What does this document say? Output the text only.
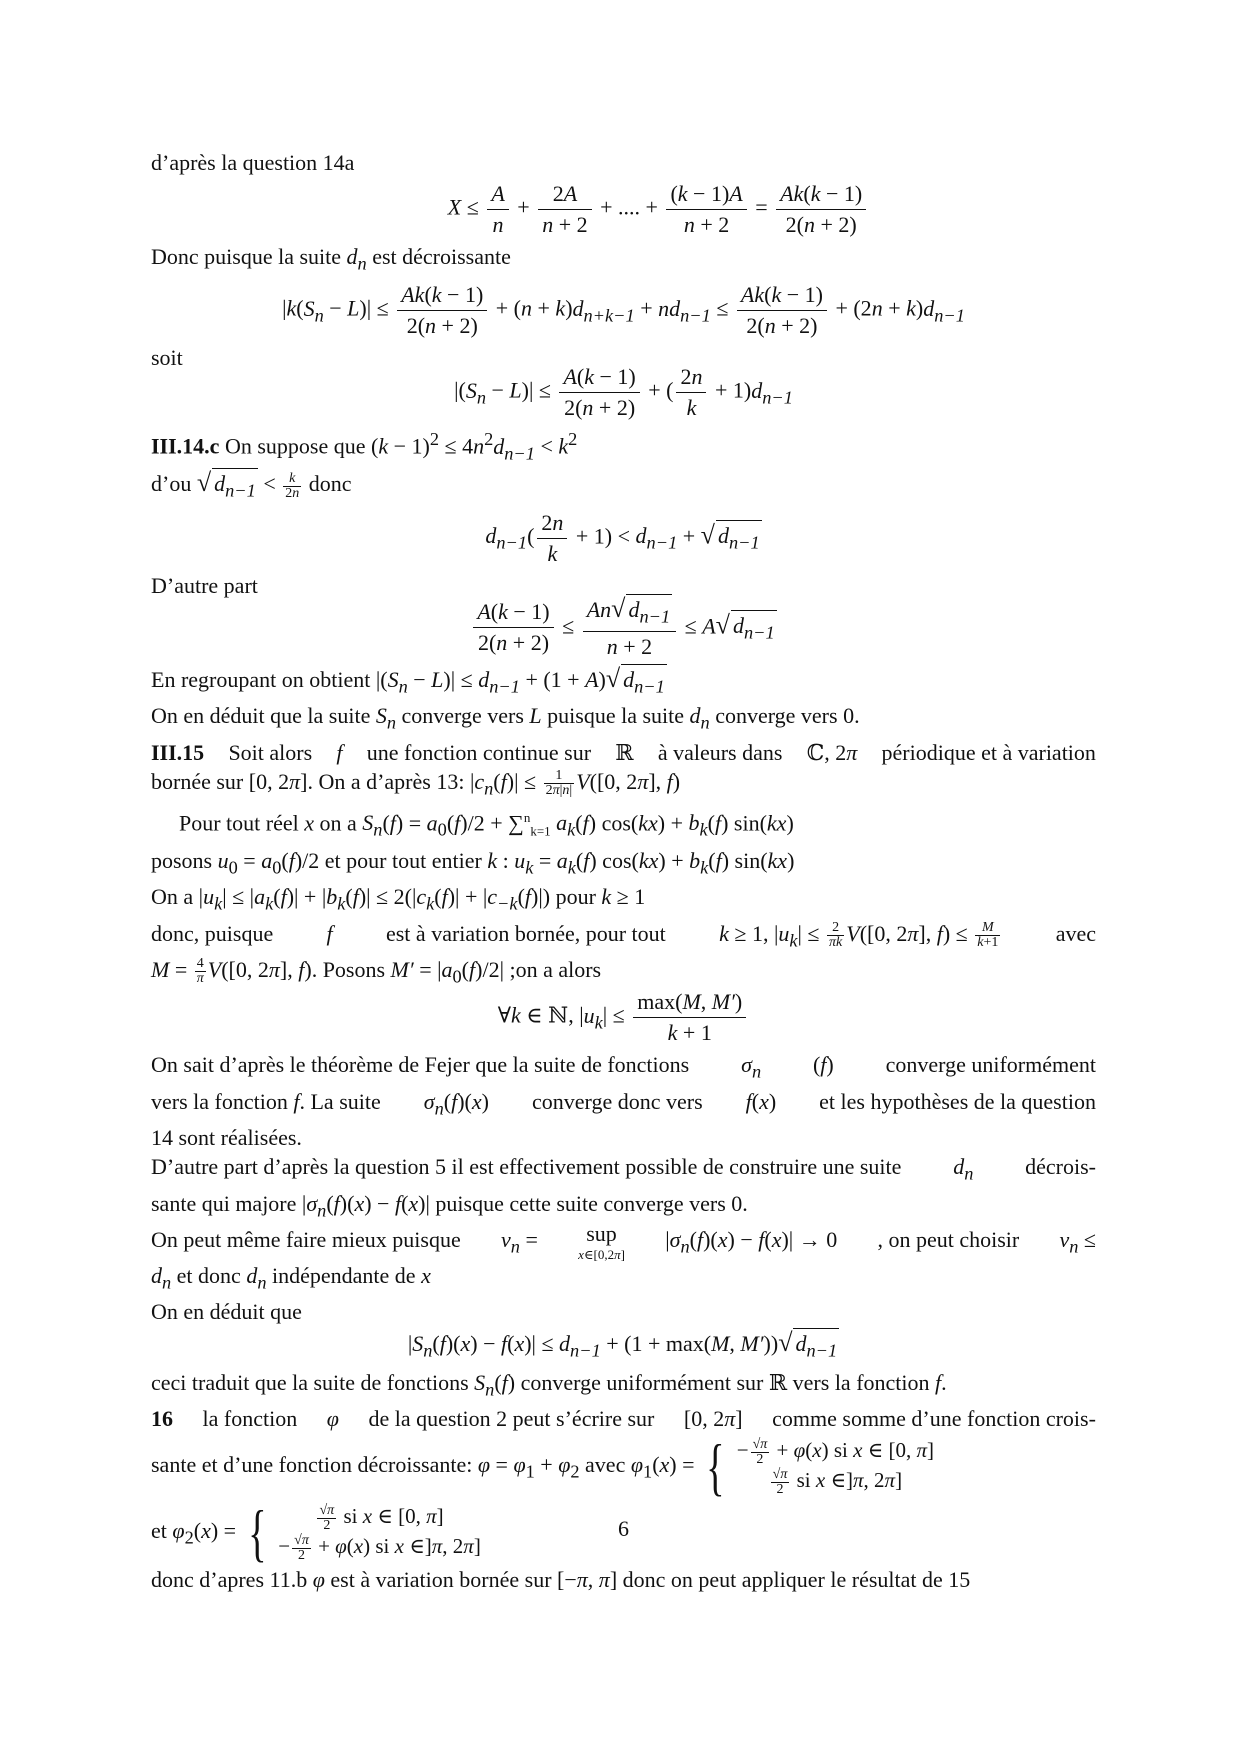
d’après la question 14a
$X \le \frac{A}{n} + \frac{2A}{n + 2}$ + .... + $\frac{(k - 1)A}{n + 2} = \frac{Ak(k - 1)}{2(n + 2)}$
Donc puisque la suite $d_n$ est décroissante
$|k(S_n - L)| \le \frac{Ak(k - 1)}{2(n + 2)} + (n + k)d_{n+k-1} + nd_{n-1} \le \frac{Ak(k - 1)}{2(n + 2)} + (2n + k)d_{n-1}$
soit
$|(S_n - L)| \le \frac{A(k - 1)}{2(n + 2)}$ + ( $\frac{2n}{k} + 1)d_{n-1}$
III.14.c On suppose que $(k - 1)^2 \le 4n^2d_{n-1} < k^2$
d’ou √ $d_{n-1} < \frac{k}{2n}$ donc
$d_{n-1}( \frac{2n}{k} + 1) < d_{n-1}$ + √ $d_{n-1}$
D’autre part
$\frac{A(k - 1)}{2(n + 2)} \le \frac{An√ d_{n-1}}{n + 2} \le A√$ $d_{n-1}$
En regroupant on obtient $|(S_n - L)| \le d_{n-1} + (1 + A)√$ $d_{n-1}$
On en déduit que la suite $S_n$ converge vers L puisque la suite $d_n$ converge vers 0.
III.15 Soit alors f une fonction continue sur ℝ à valeurs dans ℂ, 2π périodique et à variation
bornée sur [0, 2π]. On a d’après 13: $|c_n(f)| \le \frac{1}{2\pi|n|} V([0$, 2π], f)
Pour tout réel x on a $S_n(f) = a_0(f)/2 + \sum^n_{k=1}$ $a_k(f) \cos(kx) + b_k(f)$ sin(kx)
posons $u_0 = a_0(f)/2$ et pour tout entier k : $u_k = a_k(f) \cos(kx) + b_k(f)$ sin(kx)
On a $|u_k| \le |a_k(f)| + |b_k(f)| \le 2(|c_k(f)| + |c_{-k}(f)|)$ pour k ≥ 1
donc, puisque f est à variation bornée, pour tout k ≥ 1, $|u_k| \le \frac{2}{\pi k} V([0$, 2π], $f) \le \frac{M}{k+1}$	avec
$M = \frac{4}{\pi} V([0$, 2π], f). Posons $M' = |a_0(f)/2|$ ;on a alors
∀k ∈ ℕ, $|u_k| \le \frac{\max(M, M')}{k + 1}$
On sait d’après le théorème de Fejer que la suite de fonctions $\sigma_n$ (f) converge uniformément
vers la fonction f. La suite $\sigma_n(f)(x)$ converge donc vers f(x) et les hypothèses de la question
14 sont réalisées.
D’autre part d’après la question 5 il est effectivement possible de construire une suite $d_n$ décrois-
sante qui majore $|\sigma_n(f)(x) - f(x)|$ puisque cette suite converge vers 0.
On peut même faire mieux puisque $v_n$ =	sup
x∈[0,2π]
$|\sigma_n(f)(x) - f(x)| \to 0$ , on peut choisir $v_n$ ≤
$d_n$ et donc $d_n$ indépendante de x
On en déduit que
$|S_n(f)(x) - f(x)| \le d_{n-1} + (1 + \max(M$, M′))√ $d_{n-1}$
ceci traduit que la suite de fonctions $S_n(f)$ converge uniformément sur ℝ vers la fonction f.
16 la fonction φ de la question 2 peut s’écrire sur [0, 2π] comme somme d’une fonction crois-
sante et d’une fonction décroissante: $\varphi = \varphi_1 + \varphi_2$ avec $\varphi_1(x)$ = { − $\frac{√\pi}{2} + \varphi(x)$ si x ∈ [0, π]

$\frac{√\pi}{2}$ si x ∈]π, 2π]
et $\varphi_2(x)$ = {	$\frac{√\pi}{2}$ si x ∈ [0, π]
− $\frac{√\pi}{2} + \varphi(x)$ si x ∈]π, 2π]
donc d’apres 11.b φ est à variation bornée sur [−π, π] donc on peut appliquer le résultat de 15
6
